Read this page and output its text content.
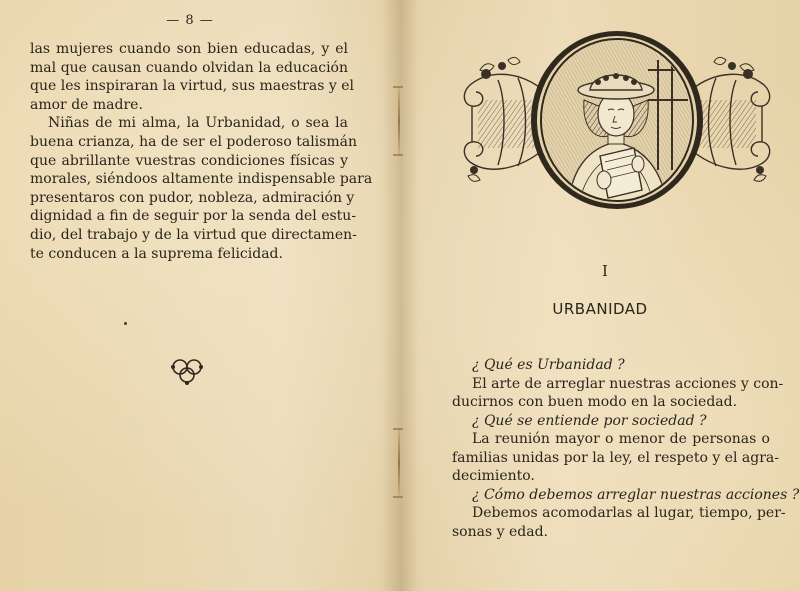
— 8 —

las mujeres cuando son bien educadas, y el
mal que causan cuando olvidan la educación
que les inspiraran la virtud, sus maestras y el
amor de madre.

Niñas de mi alma, la Urbanidad, o sea la
buena crianza, ha de ser el poderoso talismán
que abrillante vuestras condiciones físicas y
morales, siéndoos altamente indispensable para
presentaros con pudor, nobleza, admiración y
dignidad a fin de seguir por la senda del estu-
dio, del trabajo y de la virtud que directamen-
te conducen a la suprema felicidad.

I
URBANIDAD
¿ Qué es Urbanidad ?
El arte de arreglar nuestras acciones y con-
ducirnos con buen modo en la sociedad.
¿ Qué se entiende por sociedad ?
La reunión mayor o menor de personas o
familias unidas por la ley, el respeto y el agra-
decimiento.
¿ Cómo debemos arreglar nuestras acciones ?
Debemos acomodarlas al lugar, tiempo, per-
sonas y edad.
